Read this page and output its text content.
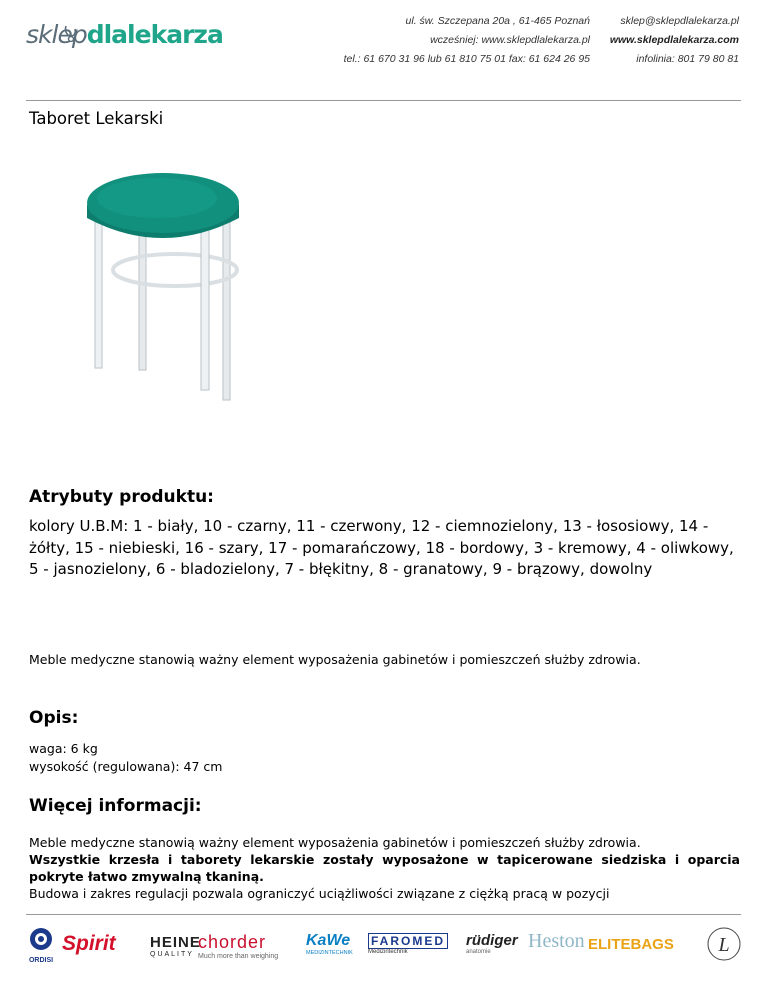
sklepdlalekarza	ul. św. Szczepana 20a , 61-465 Poznań
wcześniej: www.sklepdlalekarza.pl
tel.: 61 670 31 96 lub 61 810 75 01 fax: 61 624 26 95
sklep@sklepdlalekarza.pl
www.sklepdlalekarza.com
infolinia: 801 79 80 81
Taboret Lekarski
Atrybuty produktu:

kolory U.B.M: 1 - biały, 10 - czarny, 11 - czerwony, 12 - ciemnozielony, 13 - łososiowy, 14 - żółty, 15 - niebieski, 16 - szary, 17 - pomarańczowy, 18 - bordowy, 3 - kremowy, 4 - oliwkowy, 5 - jasnozielony, 6 - bladozielony, 7 - błękitny, 8 - granatowy, 9 - brązowy, dowolny

Meble medyczne stanowią ważny element wyposażenia gabinetów i pomieszczeń służby zdrowia.

Opis:

waga: 6 kg

wysokość (regulowana): 47 cm

Więcej informacji:
Meble medyczne stanowią ważny element wyposażenia gabinetów i pomieszczeń służby zdrowia.
Wszystkie krzesła i taborety lekarskie zostały wyposażone w tapicerowane siedziska i oparcia pokryte łatwo zmywalną tkaniną.
Budowa i zakres regulacji pozwala ograniczyć uciążliwości związane z ciężką pracą w pozycji
ORDISI
Spirit HEINE
QUALITY
chorder
Much more than weighing
KaWe
MEDIZINTECHNIK
FAROMED
Medizintechnik
rüdiger
anatomie	Heston ELITEBAGS L
